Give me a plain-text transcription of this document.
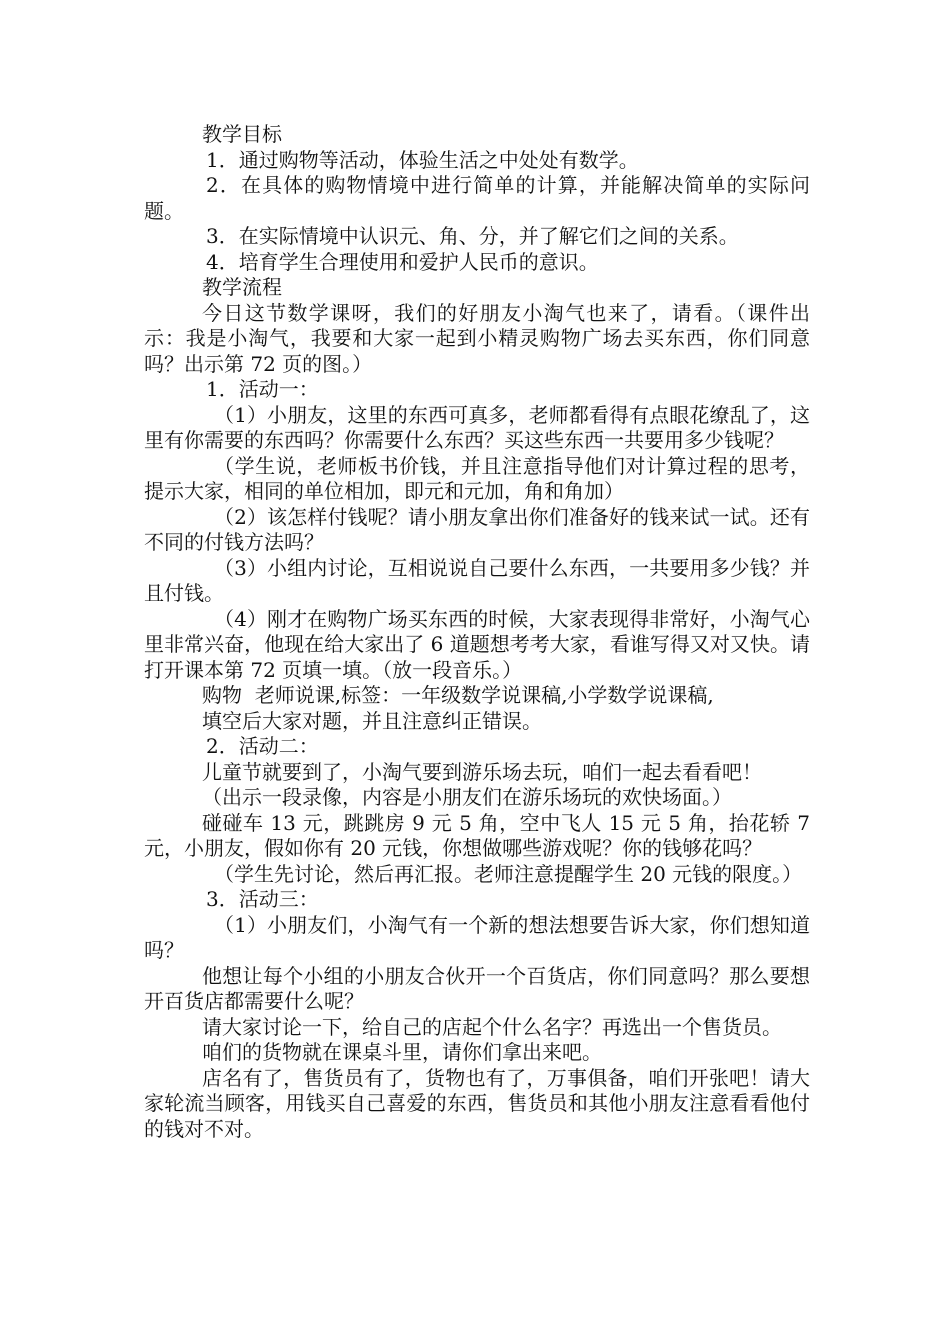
教学目标

1．通过购物等活动，体验生活之中处处有数学。

2．在具体的购物情境中进行简单的计算，并能解决简单的实际问题。

3．在实际情境中认识元、角、分，并了解它们之间的关系。

4．培育学生合理使用和爱护人民币的意识。

教学流程

今日这节数学课呀，我们的好朋友小淘气也来了，请看。（课件出示：我是小淘气，我要和大家一起到小精灵购物广场去买东西，你们同意吗？出示第 72 页的图。）

1．活动一：

（1）小朋友，这里的东西可真多，老师都看得有点眼花缭乱了，这里有你需要的东西吗？你需要什么东西？买这些东西一共要用多少钱呢？

（学生说，老师板书价钱，并且注意指导他们对计算过程的思考，提示大家，相同的单位相加，即元和元加，角和角加）

（2）该怎样付钱呢？请小朋友拿出你们准备好的钱来试一试。还有不同的付钱方法吗？

（3）小组内讨论，互相说说自己要什么东西，一共要用多少钱？并且付钱。

（4）刚才在购物广场买东西的时候，大家表现得非常好，小淘气心里非常兴奋，他现在给大家出了 6 道题想考考大家，看谁写得又对又快。请打开课本第 72 页填一填。（放一段音乐。）

购物  老师说课,标签：一年级数学说课稿,小学数学说课稿,

填空后大家对题，并且注意纠正错误。

2．活动二：

儿童节就要到了，小淘气要到游乐场去玩，咱们一起去看看吧！

（出示一段录像，内容是小朋友们在游乐场玩的欢快场面。）

碰碰车 13 元，跳跳房 9 元 5 角，空中飞人 15 元 5 角，抬花轿 7 元，小朋友，假如你有 20 元钱，你想做哪些游戏呢？你的钱够花吗？

（学生先讨论，然后再汇报。老师注意提醒学生 20 元钱的限度。）

3．活动三：

（1）小朋友们，小淘气有一个新的想法想要告诉大家，你们想知道吗？

他想让每个小组的小朋友合伙开一个百货店，你们同意吗？那么要想开百货店都需要什么呢？

请大家讨论一下，给自己的店起个什么名字？再选出一个售货员。

咱们的货物就在课桌斗里，请你们拿出来吧。

店名有了，售货员有了，货物也有了，万事俱备，咱们开张吧！请大家轮流当顾客，用钱买自己喜爱的东西，售货员和其他小朋友注意看看他付的钱对不对。
